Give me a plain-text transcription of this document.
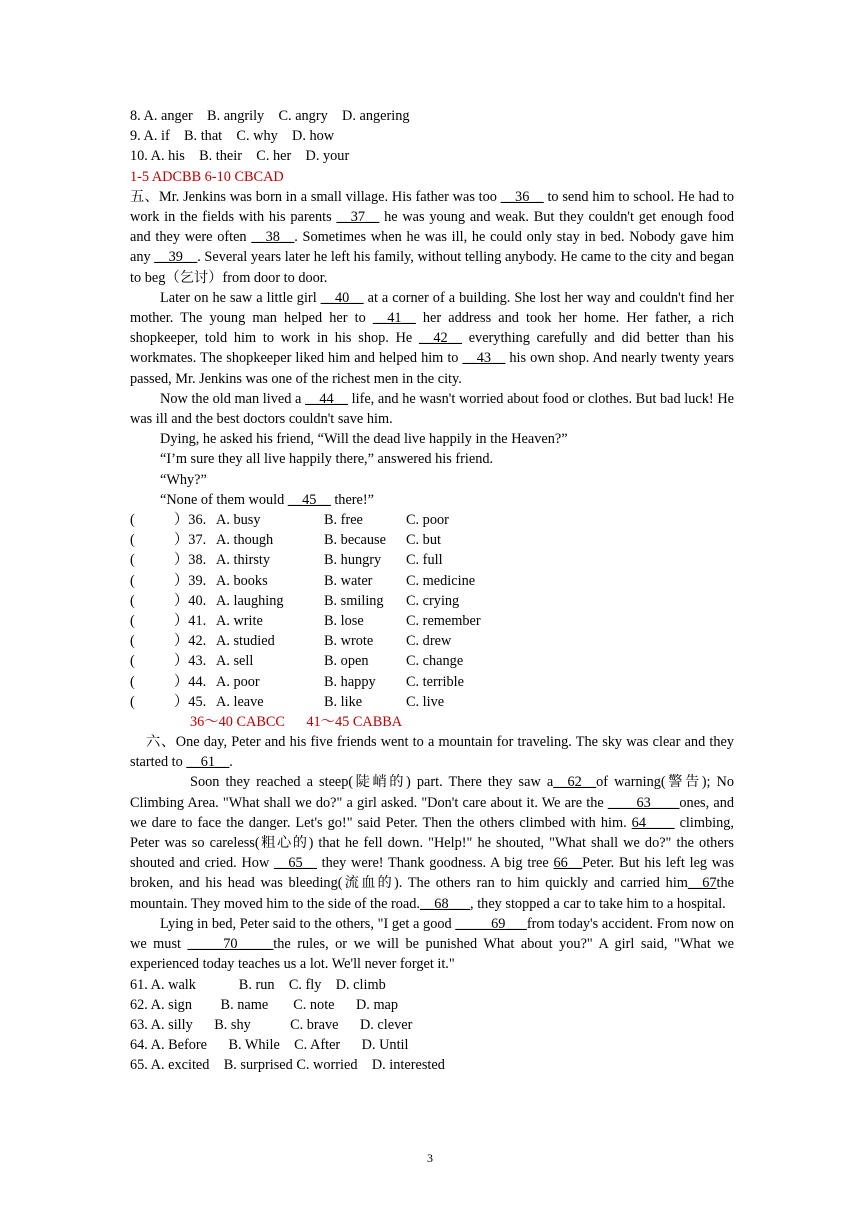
8. A. anger    B. angrily    C. angry    D. angering
9. A. if    B. that    C. why    D. how
10. A. his    B. their    C. her    D. your
1-5 ADCBB 6-10 CBCAD
五、Mr. Jenkins was born in a small village. His father was too __36__ to send him to school. He had to work in the fields with his parents __37__ he was young and weak. But they couldn't get enough food and they were often __38__. Sometimes when he was ill, he could only stay in bed. Nobody gave him any __39__. Several years later he left his family, without telling anybody. He came to the city and began to beg（乞讨）from door to door.
Later on he saw a little girl __40__ at a corner of a building. She lost her way and couldn't find her mother. The young man helped her to __41__ her address and took her home. Her father, a rich shopkeeper, told him to work in his shop. He __42__ everything carefully and did better than his workmates. The shopkeeper liked him and helped him to __43__ his own shop. And nearly twenty years passed, Mr. Jenkins was one of the richest men in the city.
Now the old man lived a __44__ life, and he wasn't worried about food or clothes. But bad luck! He was ill and the best doctors couldn't save him.
Dying, he asked his friend, “Will the dead live happily in the Heaven?”
“I’m sure they all live happily there,” answered his friend.
“Why?”
“None of them would __45__ there!”
(	）36. A. busy	B. free	C. poor
(	）37. A. though	B. because	C. but
(	）38. A. thirsty	B. hungry	C. full
(	）39. A. books	B. water	C. medicine
(	）40. A. laughing	B. smiling	C. crying
(	）41. A. write	B. lose	C. remember
(	）42. A. studied	B. wrote	C. drew
(	）43. A. sell	B. open	C. change
(	）44. A. poor	B. happy	C. terrible
(	）45. A. leave	B. like	C. live
36～40 CABCC      41～45 CABBA
六、One day, Peter and his five friends went to a mountain for traveling. The sky was clear and they started to __61__.
Soon they reached a steep(陡峭的) part. There they saw a__62__of warning(警告); No Climbing Area. "What shall we do?" a girl asked. "Don't care about it. We are the ____63____ones, and we dare to face the danger. Let's go!" said Peter. Then the others climbed with him. 64____ climbing, Peter was so careless(粗心的) that he fell down. "Help!" he shouted, "What shall we do?" the others shouted and cried. How __65__ they were! Thank goodness. A big tree 66__Peter. But his left leg was broken, and his head was bleeding(流血的). The others ran to him quickly and carried him__67the mountain. They moved him to the side of the road.__68___, they stopped a car to take him to a hospital.
Lying in bed, Peter said to the others, "I get a good _____69___from today's accident. From now on we must _____70_____the rules, or we will be punished What about you?" A girl said, "What we experienced today teaches us a lot. We'll never forget it."
61. A. walk            B. run    C. fly    D. climb
62. A. sign        B. name       C. note      D. map
63. A. silly      B. shy           C. brave      D. clever
64. A. Before      B. While    C. After      D. Until
65. A. excited    B. surprised C. worried    D. interested
3
